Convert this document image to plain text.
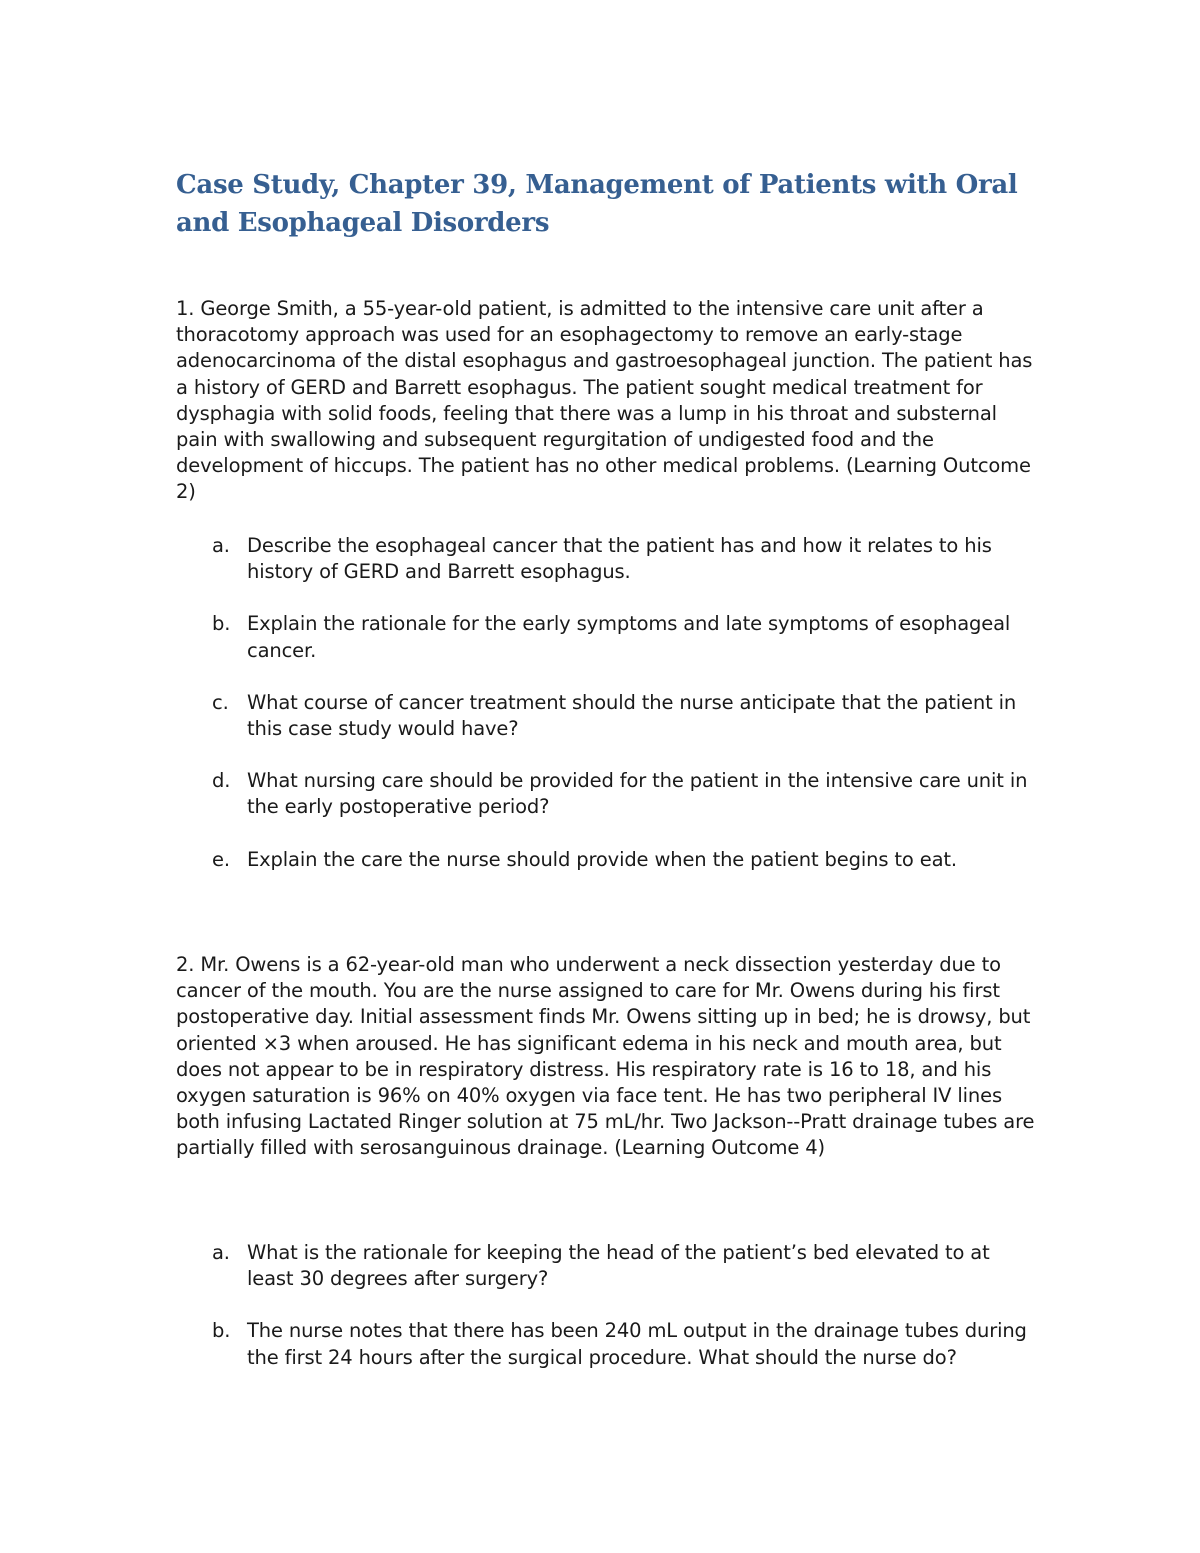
Case Study, Chapter 39, Management of Patients with Oral and Esophageal Disorders

1. George Smith, a 55-year-old patient, is admitted to the intensive care unit after a thoracotomy approach was used for an esophagectomy to remove an early-stage adenocarcinoma of the distal esophagus and gastroesophageal junction. The patient has a history of GERD and Barrett esophagus. The patient sought medical treatment for dysphagia with solid foods, feeling that there was a lump in his throat and substernal pain with swallowing and subsequent regurgitation of undigested food and the development of hiccups. The patient has no other medical problems. (Learning Outcome 2)

a. Describe the esophageal cancer that the patient has and how it relates to his history of GERD and Barrett esophagus.
b. Explain the rationale for the early symptoms and late symptoms of esophageal cancer.
c. What course of cancer treatment should the nurse anticipate that the patient in this case study would have?
d. What nursing care should be provided for the patient in the intensive care unit in the early postoperative period?
e. Explain the care the nurse should provide when the patient begins to eat.

2. Mr. Owens is a 62-year-old man who underwent a neck dissection yesterday due to cancer of the mouth. You are the nurse assigned to care for Mr. Owens during his first postoperative day. Initial assessment finds Mr. Owens sitting up in bed; he is drowsy, but oriented ×3 when aroused. He has significant edema in his neck and mouth area, but does not appear to be in respiratory distress. His respiratory rate is 16 to 18, and his oxygen saturation is 96% on 40% oxygen via face tent. He has two peripheral IV lines both infusing Lactated Ringer solution at 75 mL/hr. Two Jackson--Pratt drainage tubes are partially filled with serosanguinous drainage. (Learning Outcome 4)

a. What is the rationale for keeping the head of the patient’s bed elevated to at least 30 degrees after surgery?
b. The nurse notes that there has been 240 mL output in the drainage tubes during the first 24 hours after the surgical procedure. What should the nurse do?
